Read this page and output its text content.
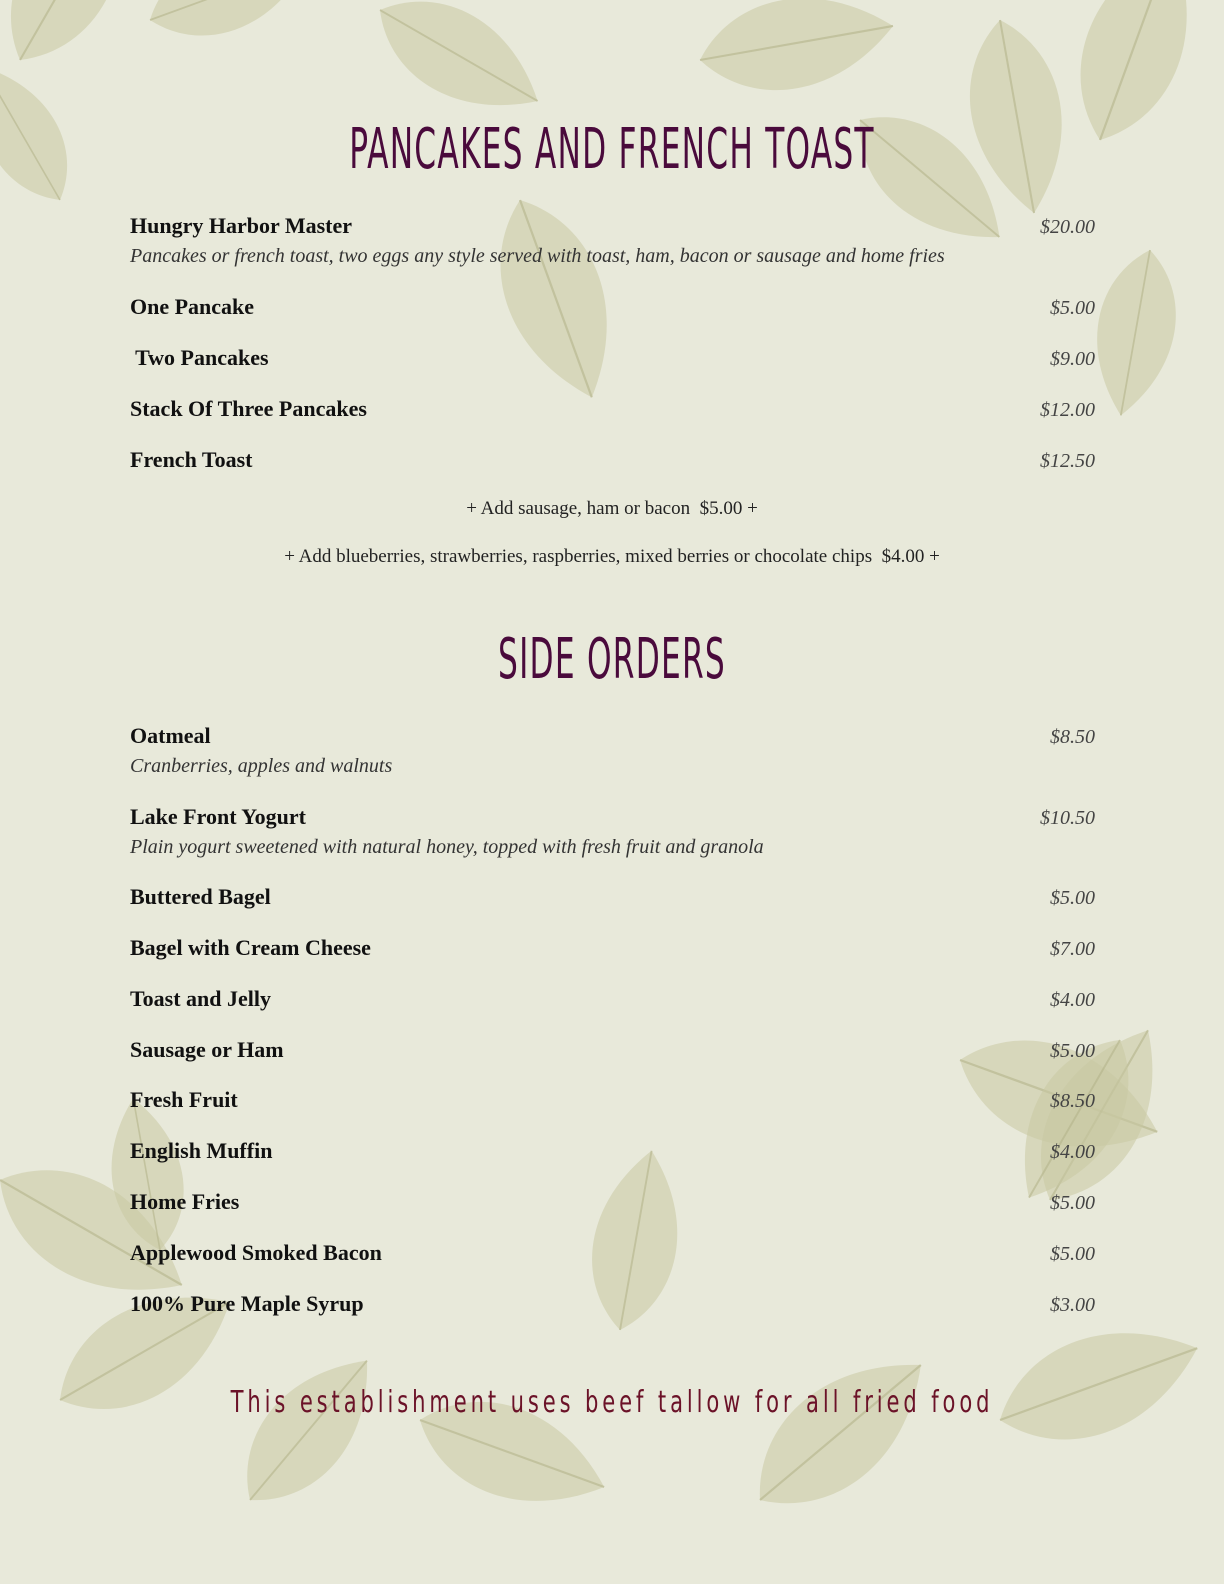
PANCAKES AND FRENCH TOAST
Hungry Harbor Master	$20.00
Pancakes or french toast, two eggs any style served with toast, ham, bacon or sausage and home fries
One Pancake	$5.00
Two Pancakes	$9.00
Stack Of Three Pancakes	$12.00
French Toast	$12.50
+ Add sausage, ham or bacon  $5.00 +
+ Add blueberries, strawberries, raspberries, mixed berries or chocolate chips  $4.00 +
SIDE ORDERS
Oatmeal	$8.50
Cranberries, apples and walnuts
Lake Front Yogurt	$10.50
Plain yogurt sweetened with natural honey, topped with fresh fruit and granola
Buttered Bagel	$5.00
Bagel with Cream Cheese	$7.00
Toast and Jelly	$4.00
Sausage or Ham	$5.00
Fresh Fruit	$8.50
English Muffin	$4.00
Home Fries	$5.00
Applewood Smoked Bacon	$5.00
100% Pure Maple Syrup	$3.00
This establishment uses beef tallow for all fried food
